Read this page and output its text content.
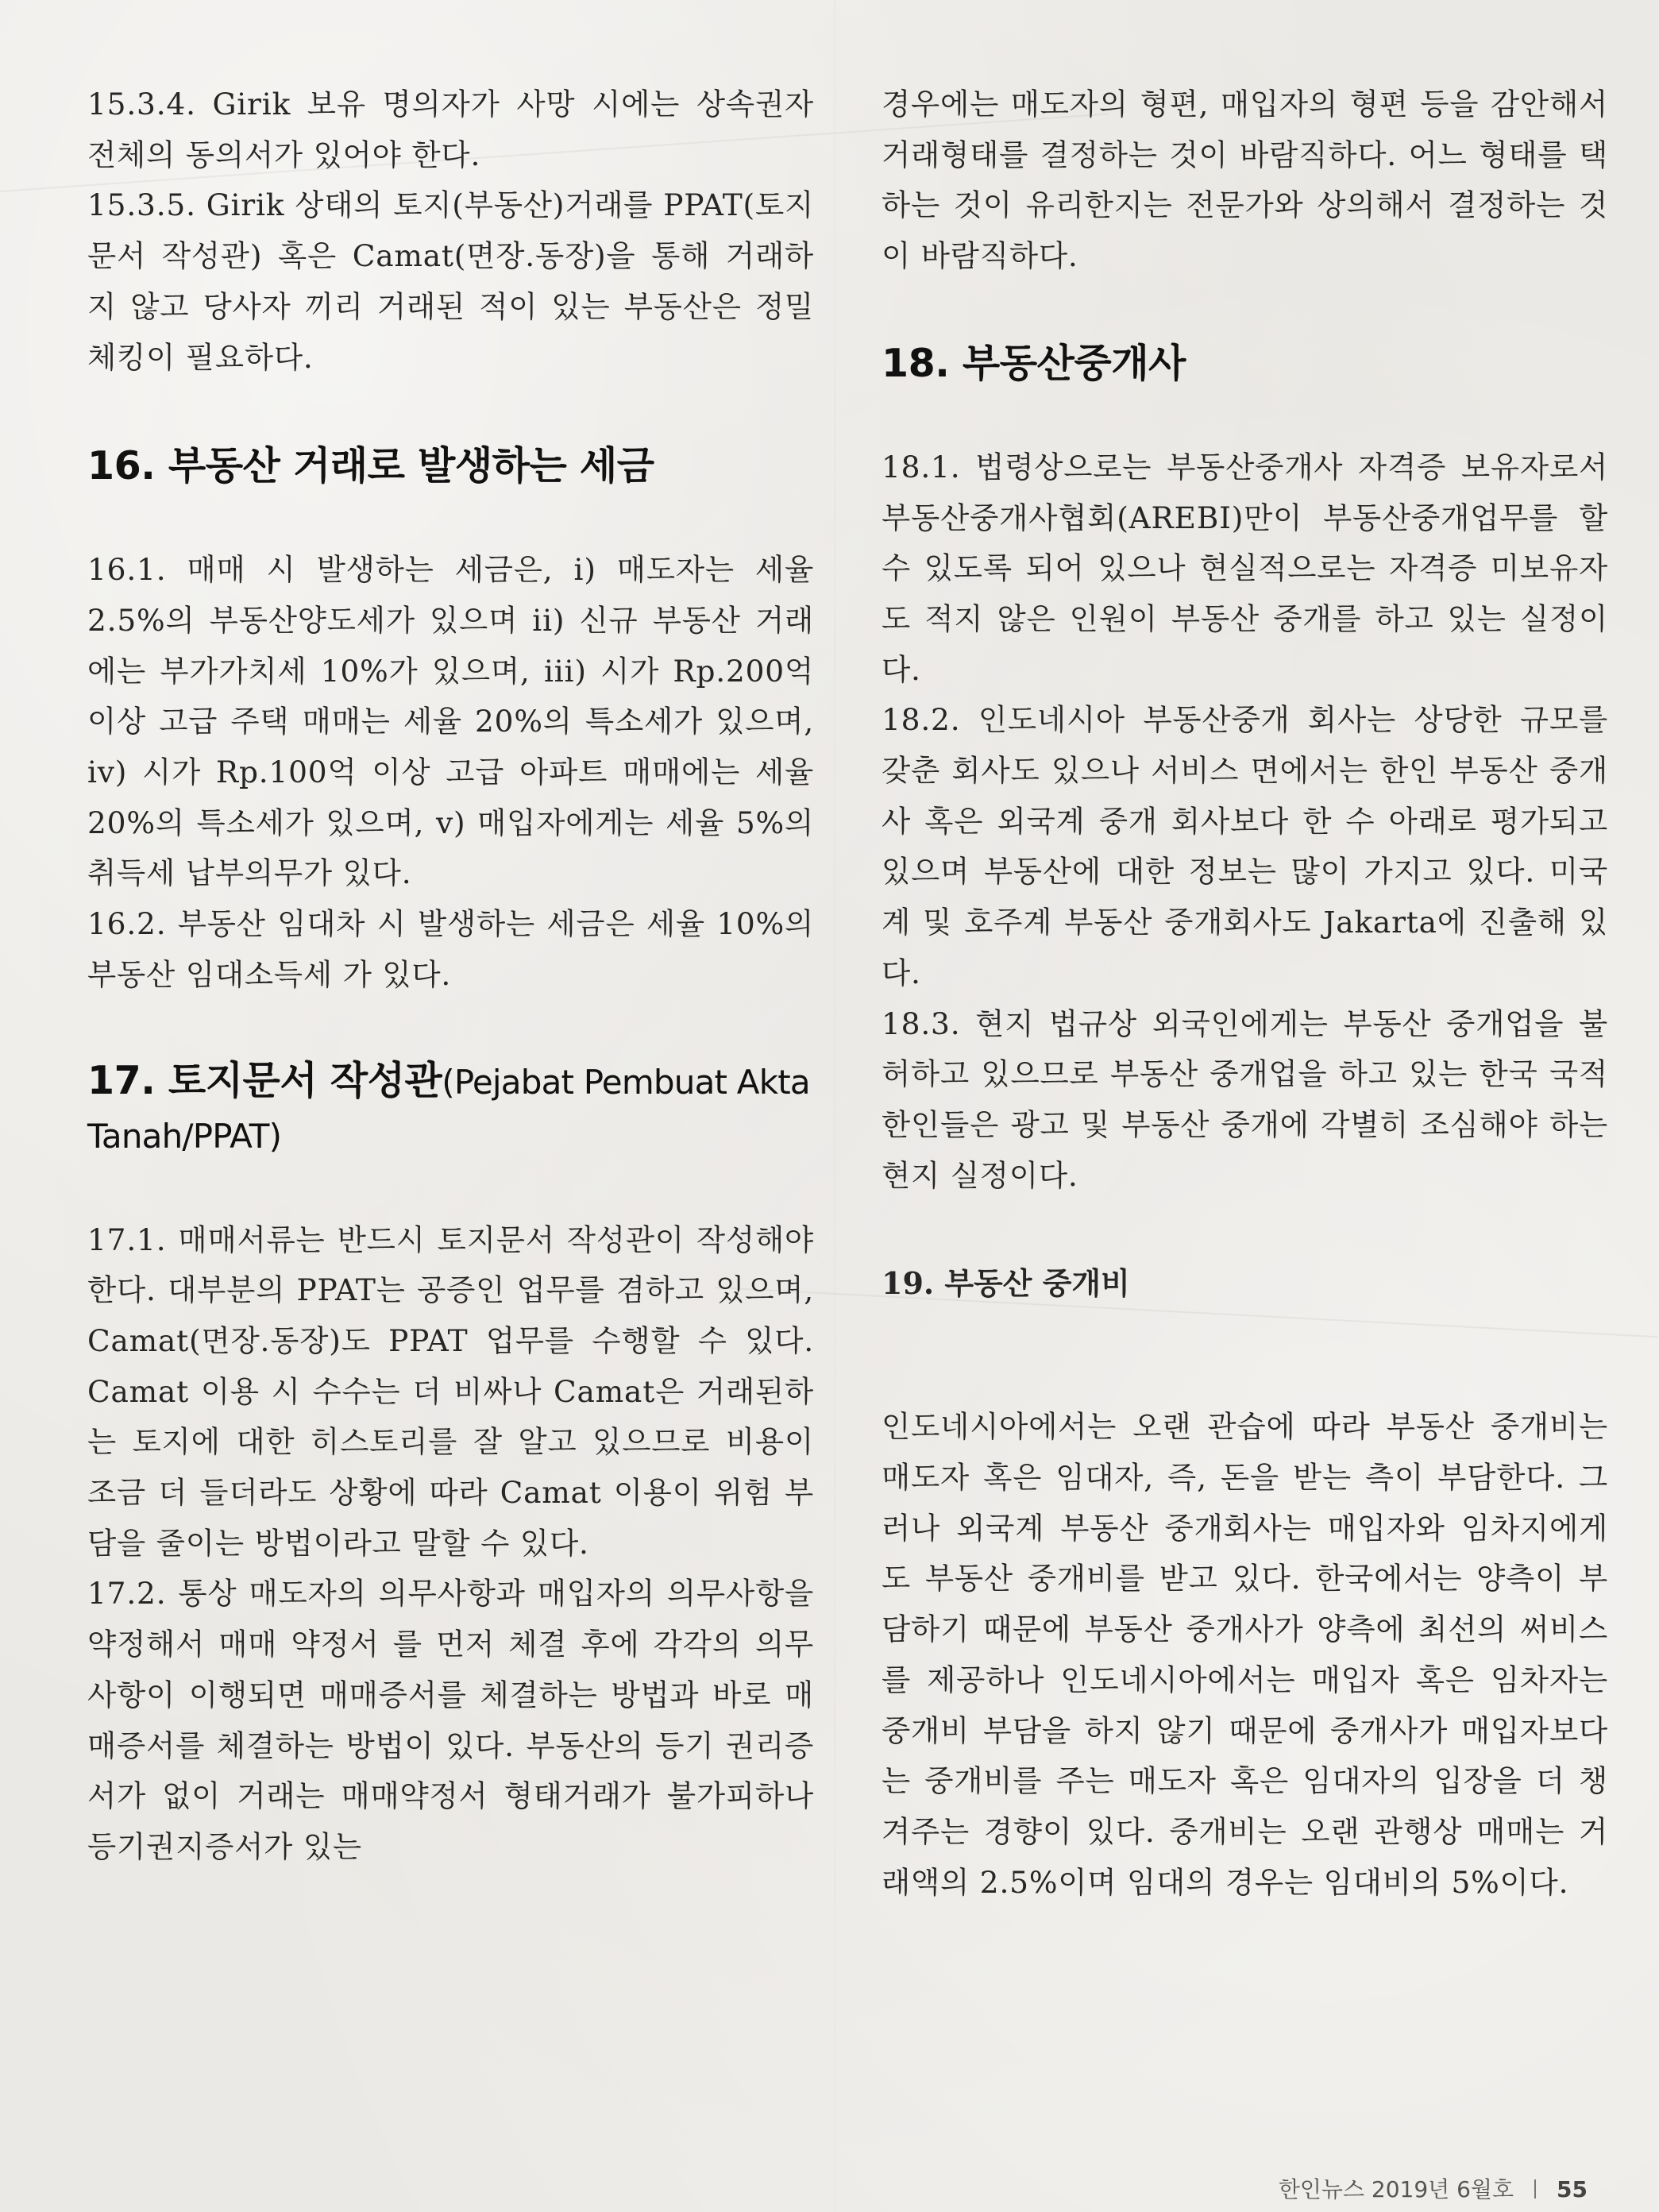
15.3.4. Girik 보유 명의자가 사망 시에는 상속권자 전체의 동의서가 있어야 한다.

15.3.5. Girik 상태의 토지(부동산)거래를 PPAT(토지문서 작성관) 혹은 Camat(면장.동장)을 통해 거래하지 않고 당사자 끼리 거래된 적이 있는 부동산은 정밀 체킹이 필요하다.

16. 부동산 거래로 발생하는 세금

16.1. 매매 시 발생하는 세금은, i) 매도자는 세율 2.5%의 부동산양도세가 있으며 ii) 신규 부동산 거래에는 부가가치세 10%가 있으며, iii) 시가 Rp.200억 이상 고급 주택 매매는 세율 20%의 특소세가 있으며, iv) 시가 Rp.100억 이상 고급 아파트 매매에는 세율 20%의 특소세가 있으며, v) 매입자에게는 세율 5%의 취득세 납부의무가 있다.

16.2. 부동산 임대차 시 발생하는 세금은 세율 10%의 부동산 임대소득세 가 있다.

17. 토지문서 작성관(Pejabat Pembuat Akta Tanah/PPAT)

17.1. 매매서류는 반드시 토지문서 작성관이 작성해야 한다. 대부분의 PPAT는 공증인 업무를 겸하고 있으며, Camat(면장.동장)도 PPAT 업무를 수행할 수 있다. Camat 이용 시 수수는 더 비싸나 Camat은 거래된하는 토지에 대한 히스토리를 잘 알고 있으므로 비용이 조금 더 들더라도 상황에 따라 Camat 이용이 위험 부담을 줄이는 방법이라고 말할 수 있다.

17.2. 통상 매도자의 의무사항과 매입자의 의무사항을 약정해서 매매 약정서 를 먼저 체결 후에 각각의 의무사항이 이행되면 매매증서를 체결하는 방법과 바로 매매증서를 체결하는 방법이 있다. 부동산의 등기 권리증서가 없이 거래는 매매약정서 형태거래가 불가피하나 등기권지증서가 있는

경우에는 매도자의 형편, 매입자의 형편 등을 감안해서 거래형태를 결정하는 것이 바람직하다. 어느 형태를 택하는 것이 유리한지는 전문가와 상의해서 결정하는 것이 바람직하다.

18. 부동산중개사

18.1. 법령상으로는 부동산중개사 자격증 보유자로서 부동산중개사협회(AREBI)만이 부동산중개업무를 할 수 있도록 되어 있으나 현실적으로는 자격증 미보유자도 적지 않은 인원이 부동산 중개를 하고 있는 실정이다.

18.2. 인도네시아 부동산중개 회사는 상당한 규모를 갖춘 회사도 있으나 서비스 면에서는 한인 부동산 중개사 혹은 외국계 중개 회사보다 한 수 아래로 평가되고 있으며 부동산에 대한 정보는 많이 가지고 있다. 미국계 및 호주계 부동산 중개회사도 Jakarta에 진출해 있다.

18.3. 현지 법규상 외국인에게는 부동산 중개업을 불허하고 있으므로 부동산 중개업을 하고 있는 한국 국적 한인들은 광고 및 부동산 중개에 각별히 조심해야 하는 현지 실정이다.

19. 부동산 중개비

인도네시아에서는 오랜 관습에 따라 부동산 중개비는 매도자 혹은 임대자, 즉, 돈을 받는 측이 부담한다. 그러나 외국계 부동산 중개회사는 매입자와 임차지에게도 부동산 중개비를 받고 있다. 한국에서는 양측이 부담하기 때문에 부동산 중개사가 양측에 최선의 써비스를 제공하나 인도네시아에서는 매입자 혹은 임차자는 중개비 부담을 하지 않기 때문에 중개사가 매입자보다는 중개비를 주는 매도자 혹은 임대자의 입장을 더 챙겨주는 경향이 있다. 중개비는 오랜 관행상 매매는 거래액의 2.5%이며 임대의 경우는 임대비의 5%이다.

한인뉴스 2019년 6월호 55
